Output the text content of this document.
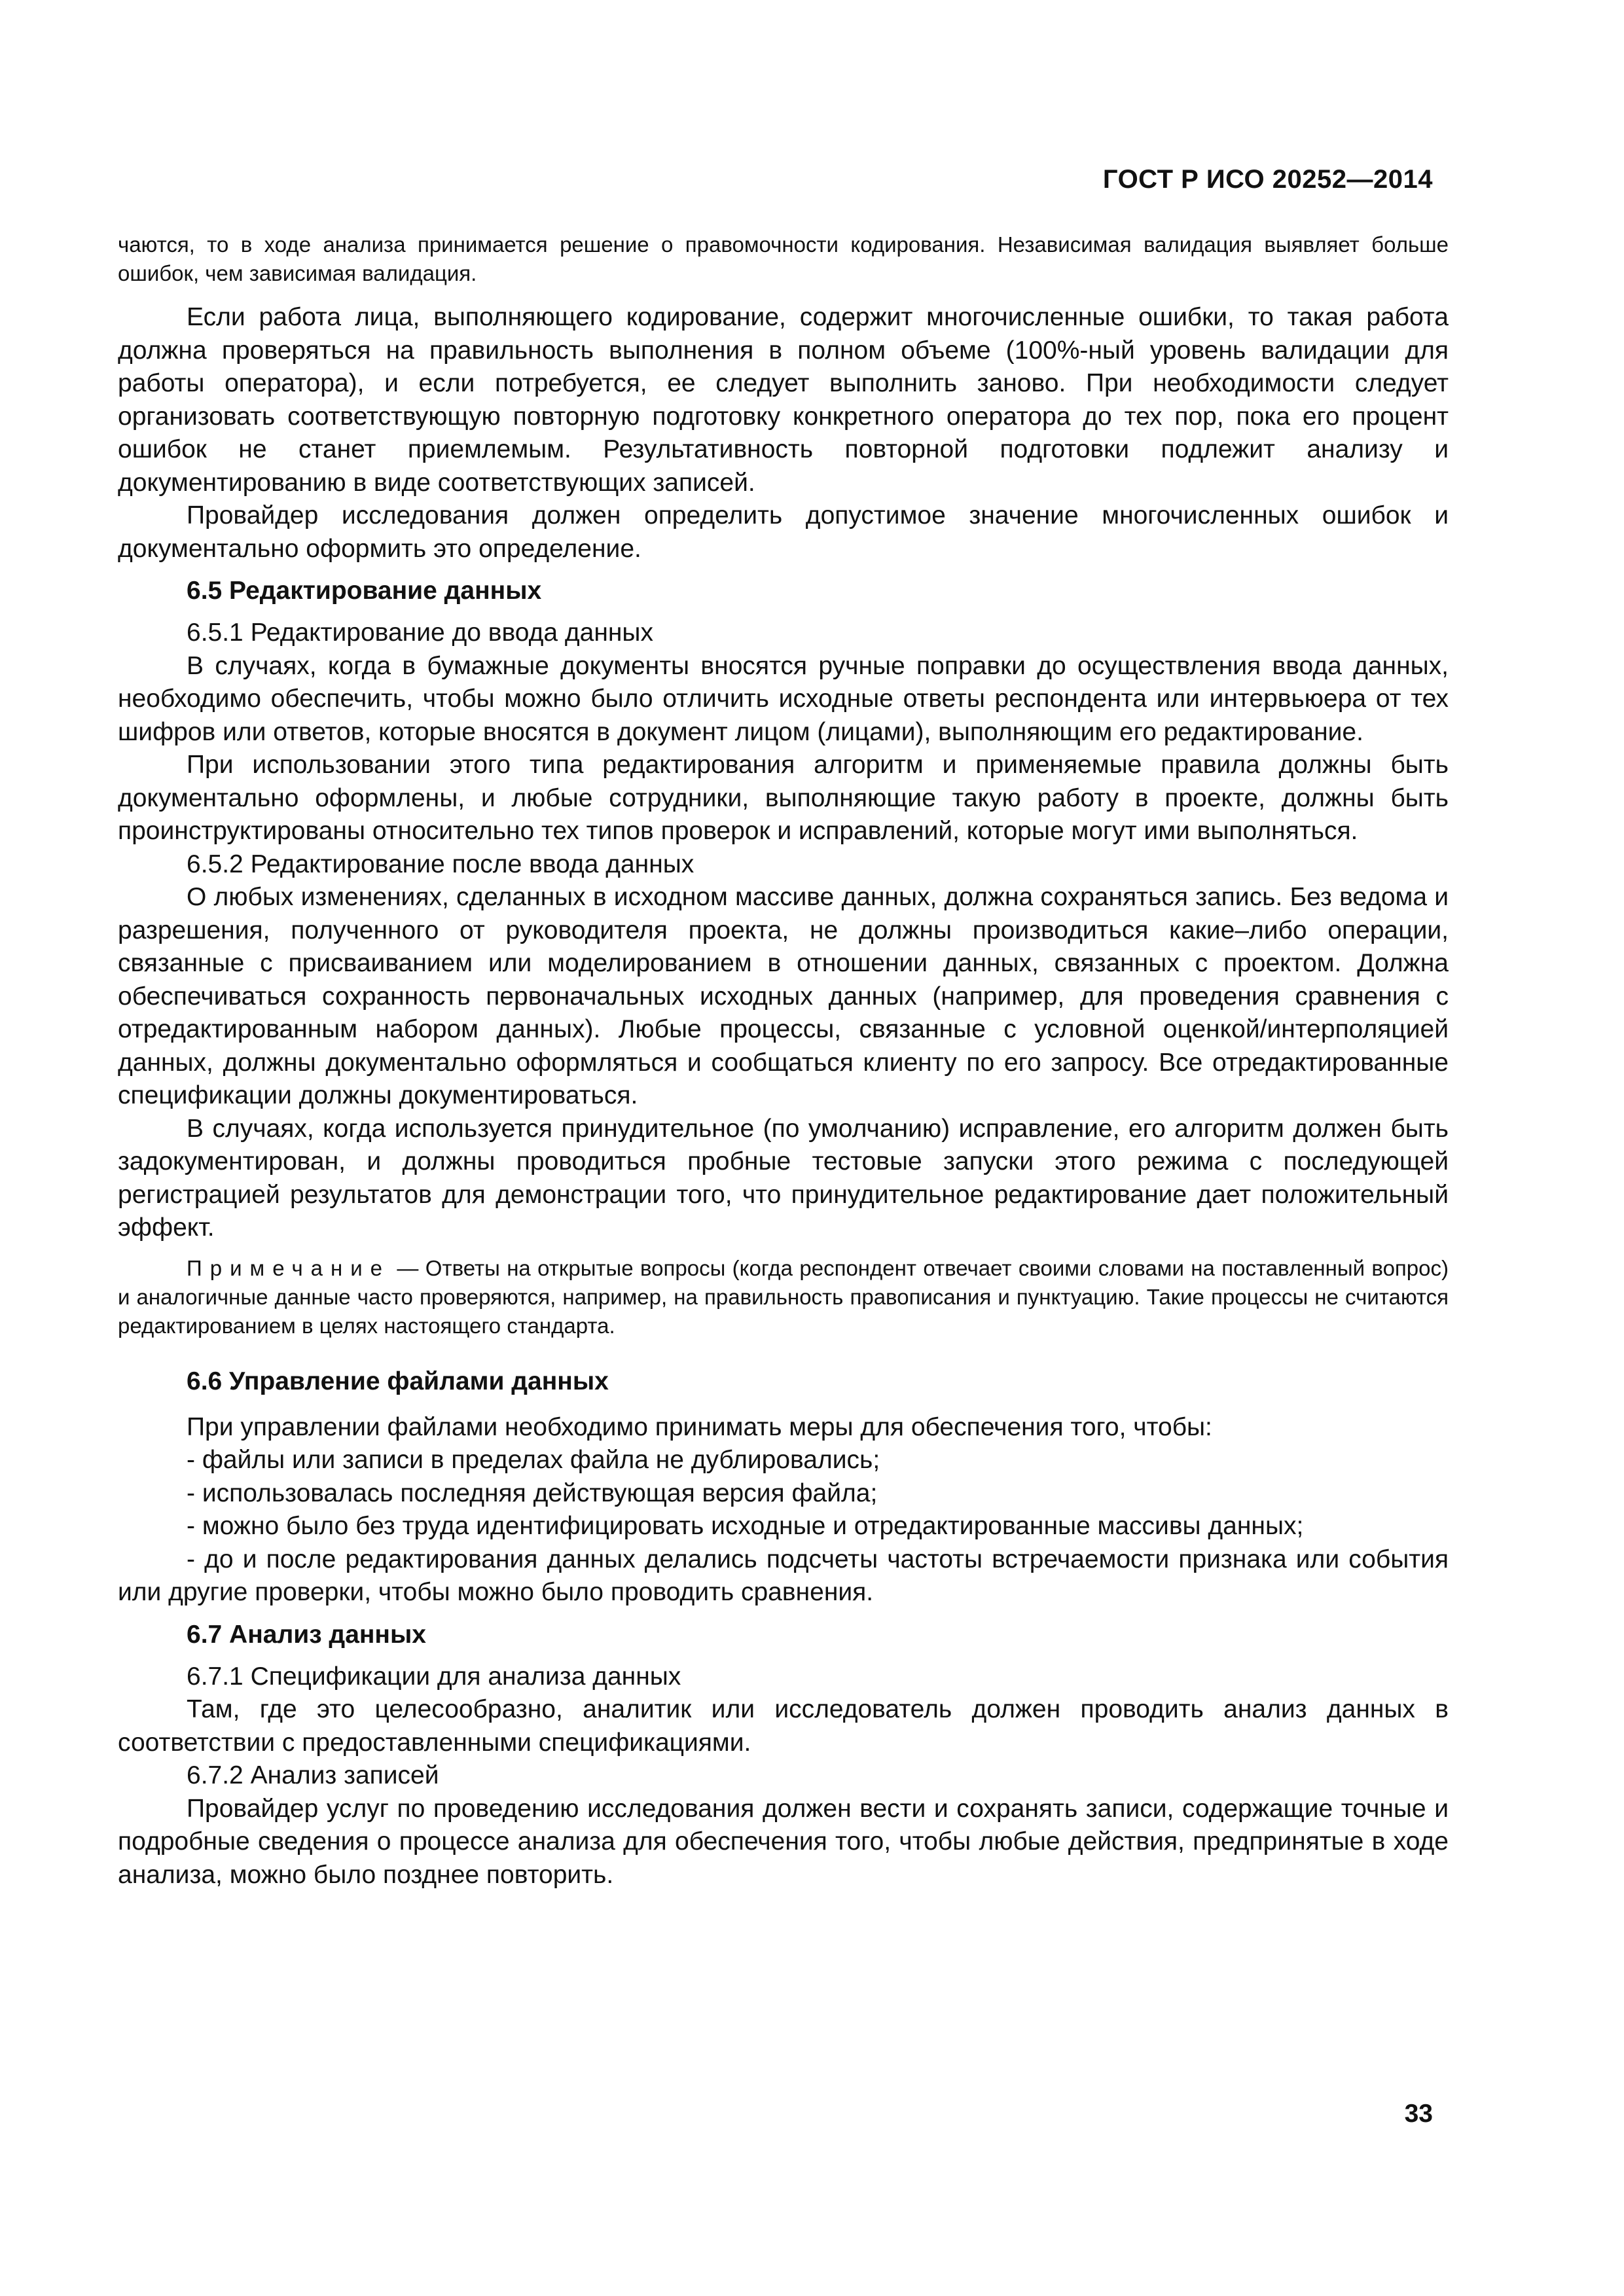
ГОСТ Р ИСО 20252—2014
чаются, то в ходе анализа принимается решение о правомочности кодирования. Независимая валидация выявляет больше ошибок, чем зависимая валидация.
Если работа лица, выполняющего кодирование, содержит многочисленные ошибки, то такая работа должна проверяться на правильность выполнения в полном объеме (100%-ный уровень валидации для работы оператора), и если потребуется, ее следует выполнить заново. При необходимости следует организовать соответствующую повторную подготовку конкретного оператора до тех пор, пока его процент ошибок не станет приемлемым. Результативность повторной подготовки подлежит анализу и документированию в виде соответствующих записей.
Провайдер исследования должен определить допустимое значение многочисленных ошибок и документально оформить это определение.
6.5 Редактирование данных
6.5.1 Редактирование до ввода данных
В случаях, когда в бумажные документы вносятся ручные поправки до осуществления ввода данных, необходимо обеспечить, чтобы можно было отличить исходные ответы респондента или интервьюера от тех шифров или ответов, которые вносятся в документ лицом (лицами), выполняющим его редактирование.
При использовании этого типа редактирования алгоритм и применяемые правила должны быть документально оформлены, и любые сотрудники, выполняющие такую работу в проекте, должны быть проинструктированы относительно тех типов проверок и исправлений, которые могут ими выполняться.
6.5.2 Редактирование после ввода данных
О любых изменениях, сделанных в исходном массиве данных, должна сохраняться запись. Без ведома и разрешения, полученного от руководителя проекта, не должны производиться какие–либо операции, связанные с присваиванием или моделированием в отношении данных, связанных с проектом. Должна обеспечиваться сохранность первоначальных исходных данных (например, для проведения сравнения с отредактированным набором данных). Любые процессы, связанные с условной оценкой/интерполяцией данных, должны документально оформляться и сообщаться клиенту по его запросу. Все отредактированные спецификации должны документироваться.
В случаях, когда используется принудительное (по умолчанию) исправление, его алгоритм должен быть задокументирован, и должны проводиться пробные тестовые запуски этого режима с последующей регистрацией результатов для демонстрации того, что принудительное редактирование дает положительный эффект.
Примечание — Ответы на открытые вопросы (когда респондент отвечает своими словами на поставленный вопрос) и аналогичные данные часто проверяются, например, на правильность правописания и пунктуацию. Такие процессы не считаются редактированием в целях настоящего стандарта.
6.6 Управление файлами данных
При управлении файлами необходимо принимать меры для обеспечения того, чтобы:
- файлы или записи в пределах файла не дублировались;
- использовалась последняя действующая версия файла;
- можно было без труда идентифицировать исходные и отредактированные массивы данных;
- до и после редактирования данных делались подсчеты частоты встречаемости признака или события или другие проверки, чтобы можно было проводить сравнения.
6.7 Анализ данных
6.7.1 Спецификации для анализа данных
Там, где это целесообразно, аналитик или исследователь должен проводить анализ данных в соответствии с предоставленными спецификациями.
6.7.2 Анализ записей
Провайдер услуг по проведению исследования должен вести и сохранять записи, содержащие точные и подробные сведения о процессе анализа для обеспечения того, чтобы любые действия, предпринятые в ходе анализа, можно было позднее повторить.
33
